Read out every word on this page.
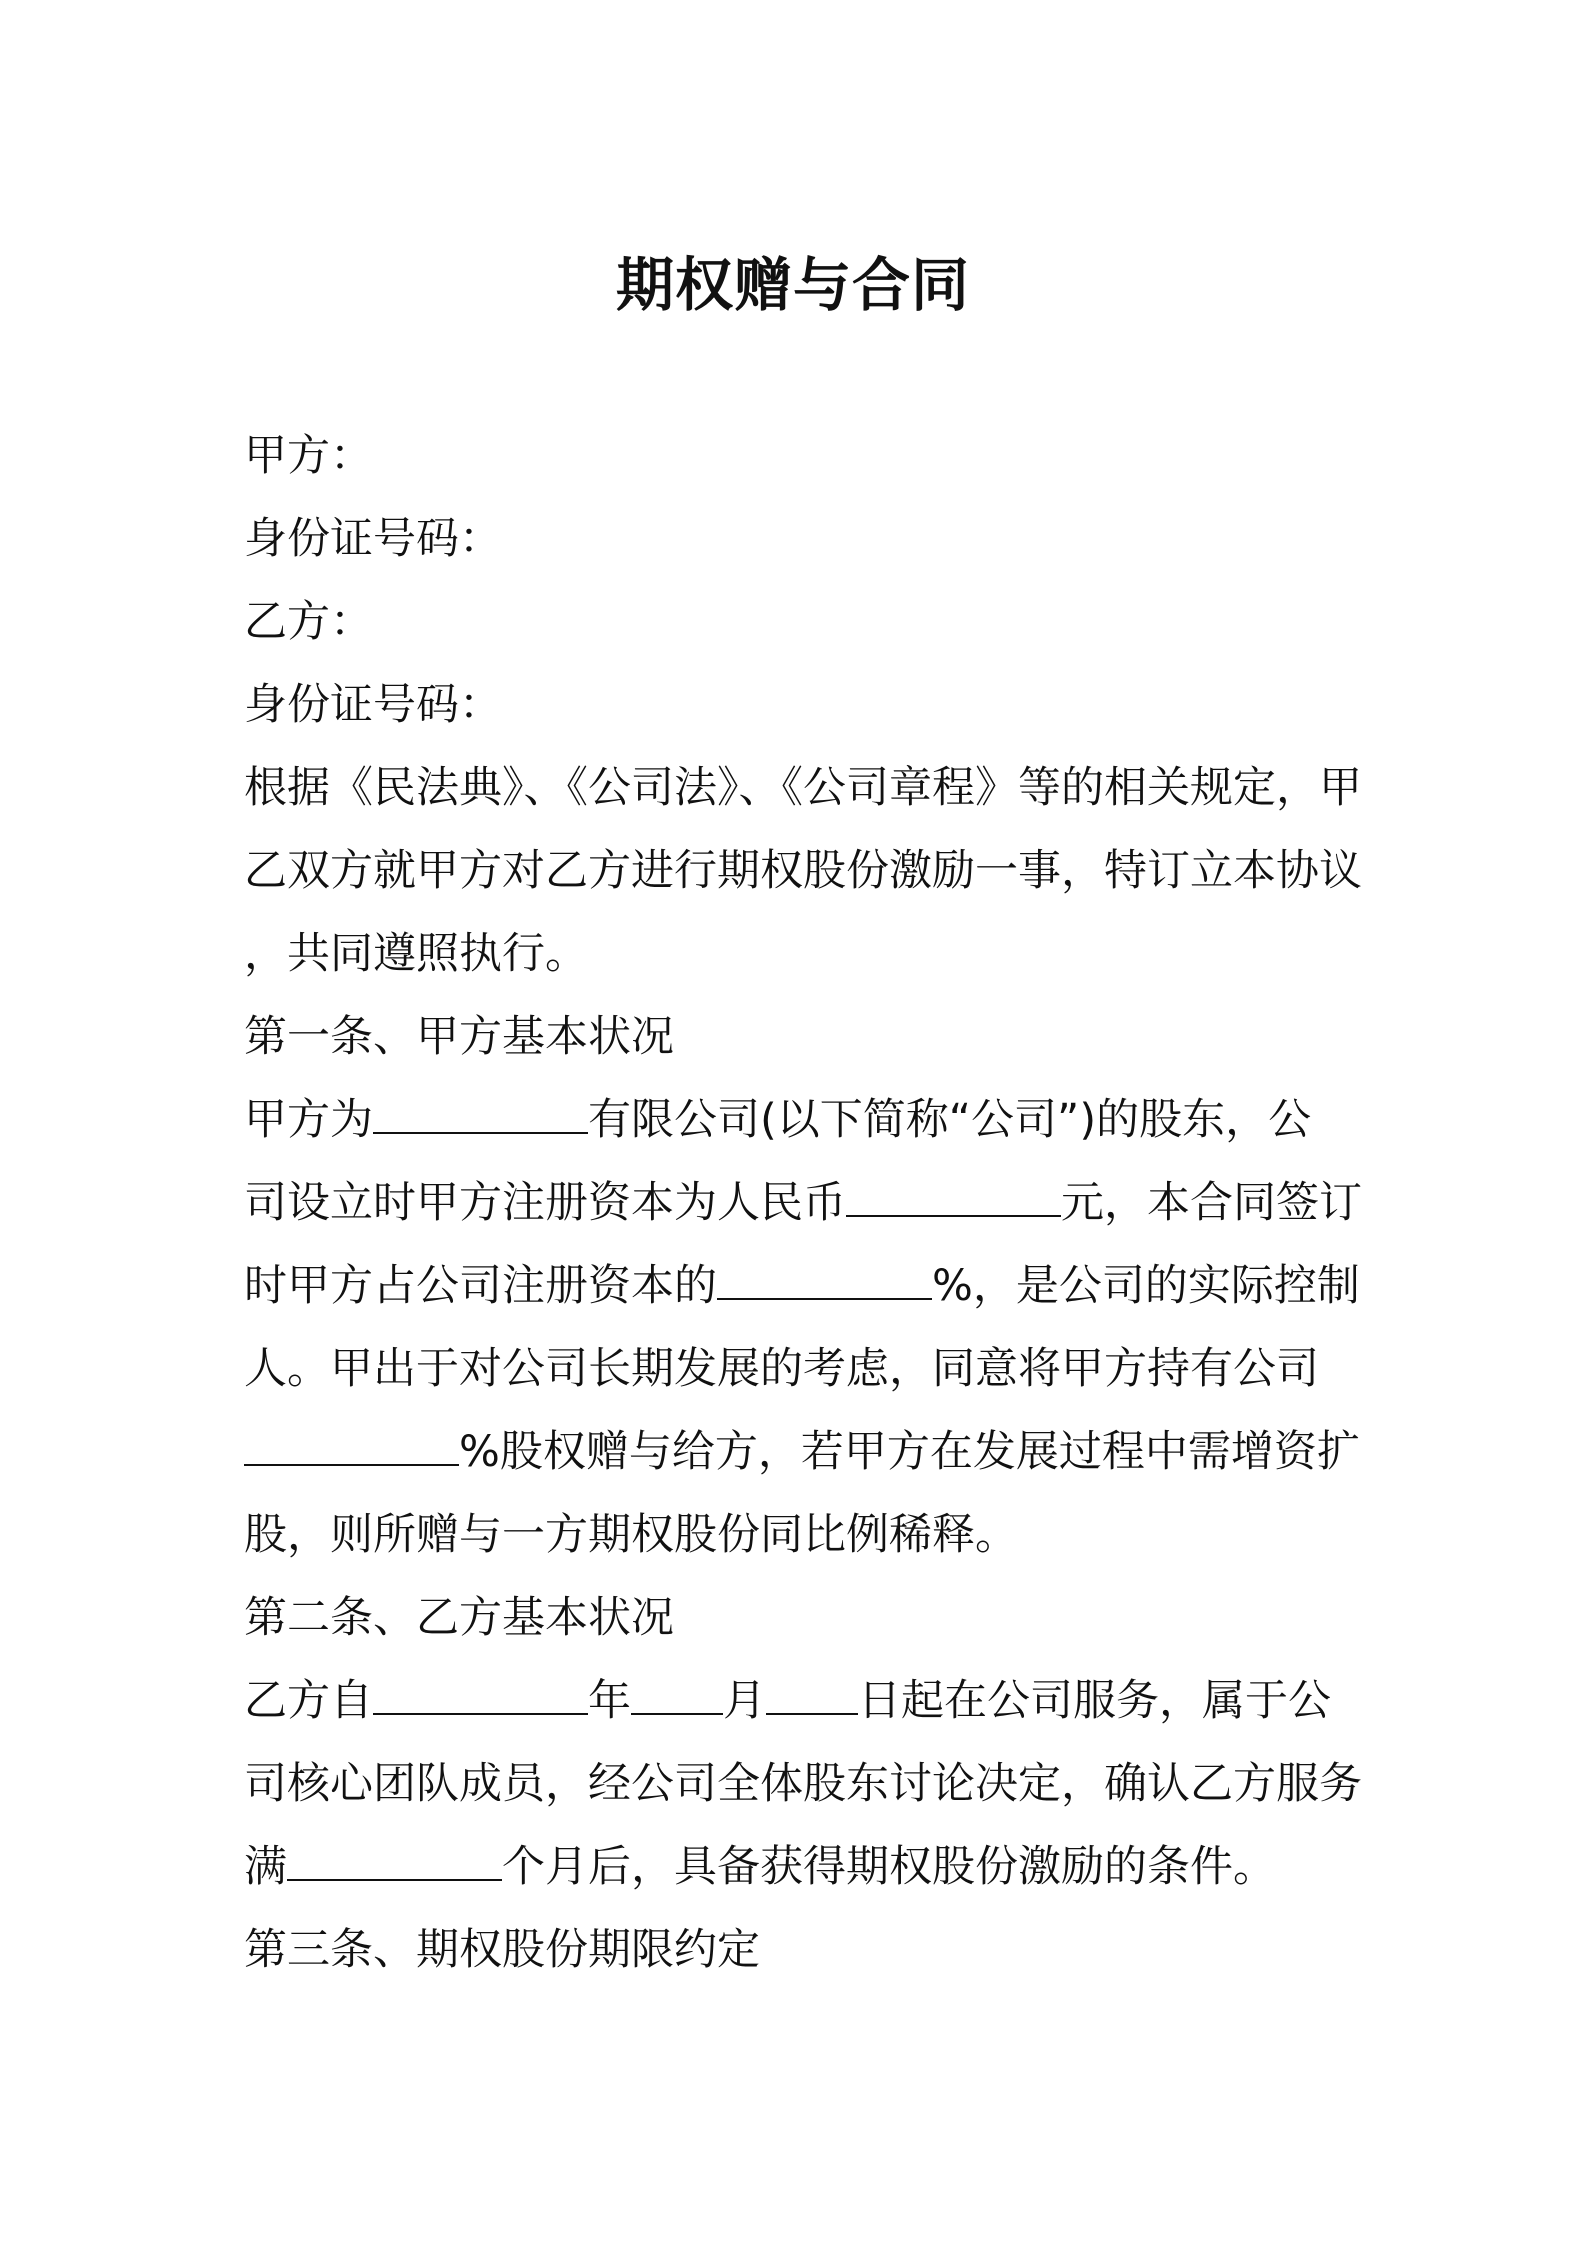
期权赠与合同
甲方：
身份证号码：
乙方：
身份证号码：
根据《民法典》、《公司法》、《公司章程》等的相关规定，甲
乙双方就甲方对乙方进行期权股份激励一事，特订立本协议
，共同遵照执行。
第一条、甲方基本状况
甲方为	有限公司(以下简称“公司”)的股东，公
司设立时甲方注册资本为人民币	元，本合同签订
时甲方占公司注册资本的	%，是公司的实际控制
人。甲出于对公司长期发展的考虑，同意将甲方持有公司
%股权赠与给方，若甲方在发展过程中需增资扩
股，则所赠与一方期权股份同比例稀释。
第二条、乙方基本状况
乙方自	年 月 日起在公司服务，属于公
司核心团队成员，经公司全体股东讨论决定，确认乙方服务
满	个月后，具备获得期权股份激励的条件。
第三条、期权股份期限约定
